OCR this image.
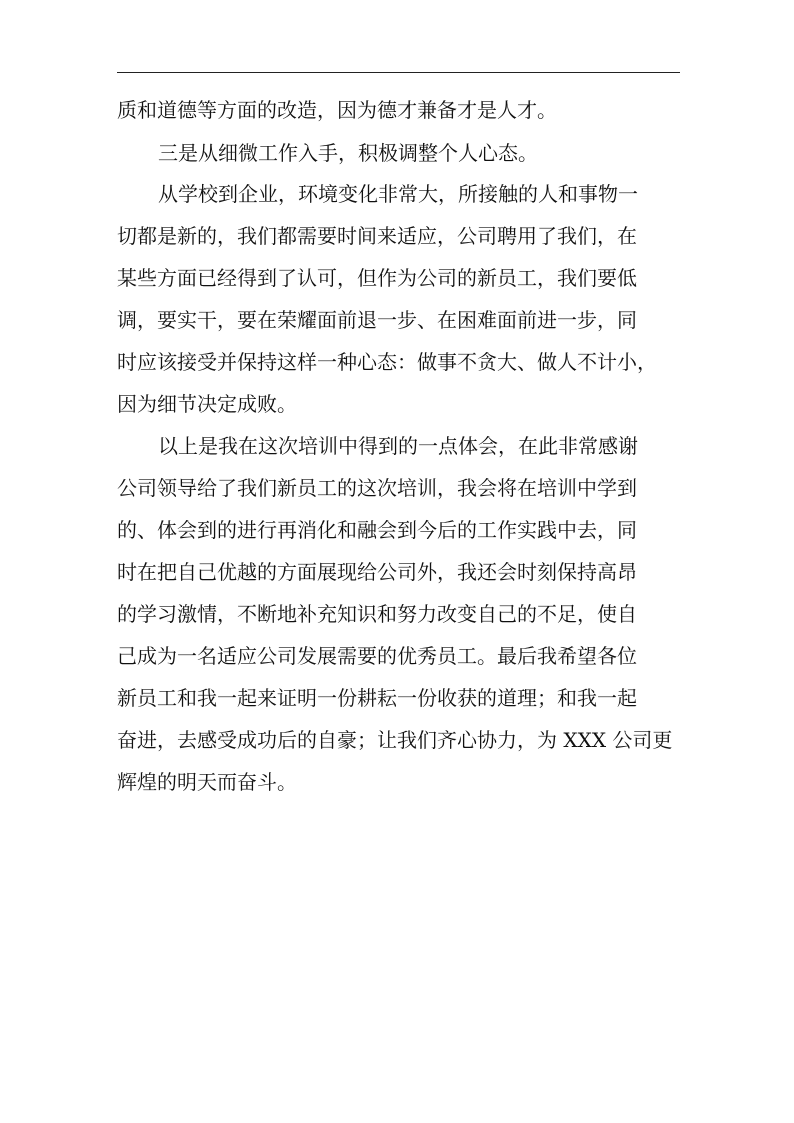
质和道德等方面的改造，因为德才兼备才是人才。

三是从细微工作入手，积极调整个人心态。

从学校到企业，环境变化非常大，所接触的人和事物一

切都是新的，我们都需要时间来适应，公司聘用了我们，在

某些方面已经得到了认可，但作为公司的新员工，我们要低

调，要实干，要在荣耀面前退一步、在困难面前进一步，同

时应该接受并保持这样一种心态：做事不贪大、做人不计小，

因为细节决定成败。

以上是我在这次培训中得到的一点体会，在此非常感谢

公司领导给了我们新员工的这次培训，我会将在培训中学到

的、体会到的进行再消化和融会到今后的工作实践中去，同

时在把自己优越的方面展现给公司外，我还会时刻保持高昂

的学习激情，不断地补充知识和努力改变自己的不足，使自

己成为一名适应公司发展需要的优秀员工。最后我希望各位

新员工和我一起来证明一份耕耘一份收获的道理；和我一起

奋进，去感受成功后的自豪；让我们齐心协力，为 XXX 公司更

辉煌的明天而奋斗。
